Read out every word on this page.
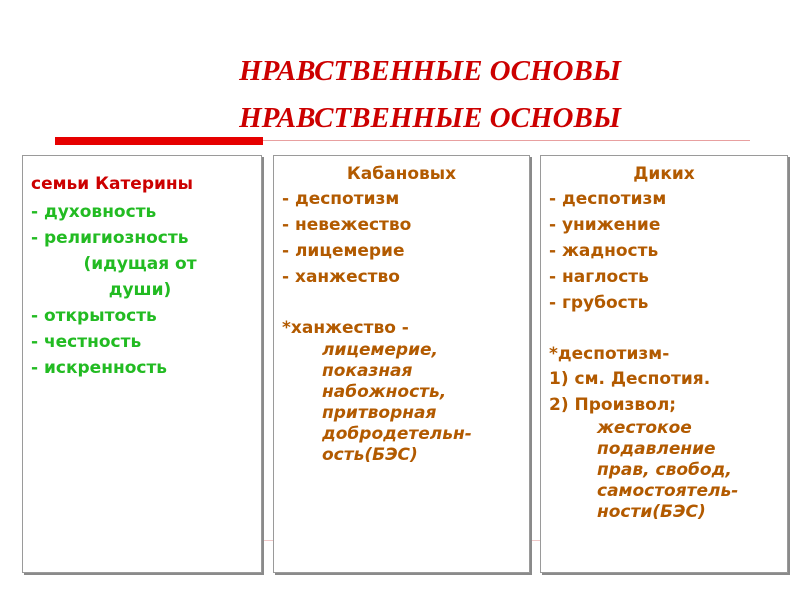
НРАВСТВЕННЫЕ ОСНОВЫ
НРАВСТВЕННЫЕ ОСНОВЫ
семьи Катерины
- духовность
- религиозность
(идущая от
души)
- открытость
- честность
- искренность
Кабановых
- деспотизм
- невежество
- лицемерие
- ханжество
*ханжество -
лицемерие,
показная
набожность,
притворная
добродетельн-
ость(БЭС)
Диких
- деспотизм
- унижение
- жадность
- наглость
- грубость
*деспотизм-
1) см. Деспотия.
2) Произвол;
жестокое
подавление
прав, свобод,
самостоятель-
ности(БЭС)
